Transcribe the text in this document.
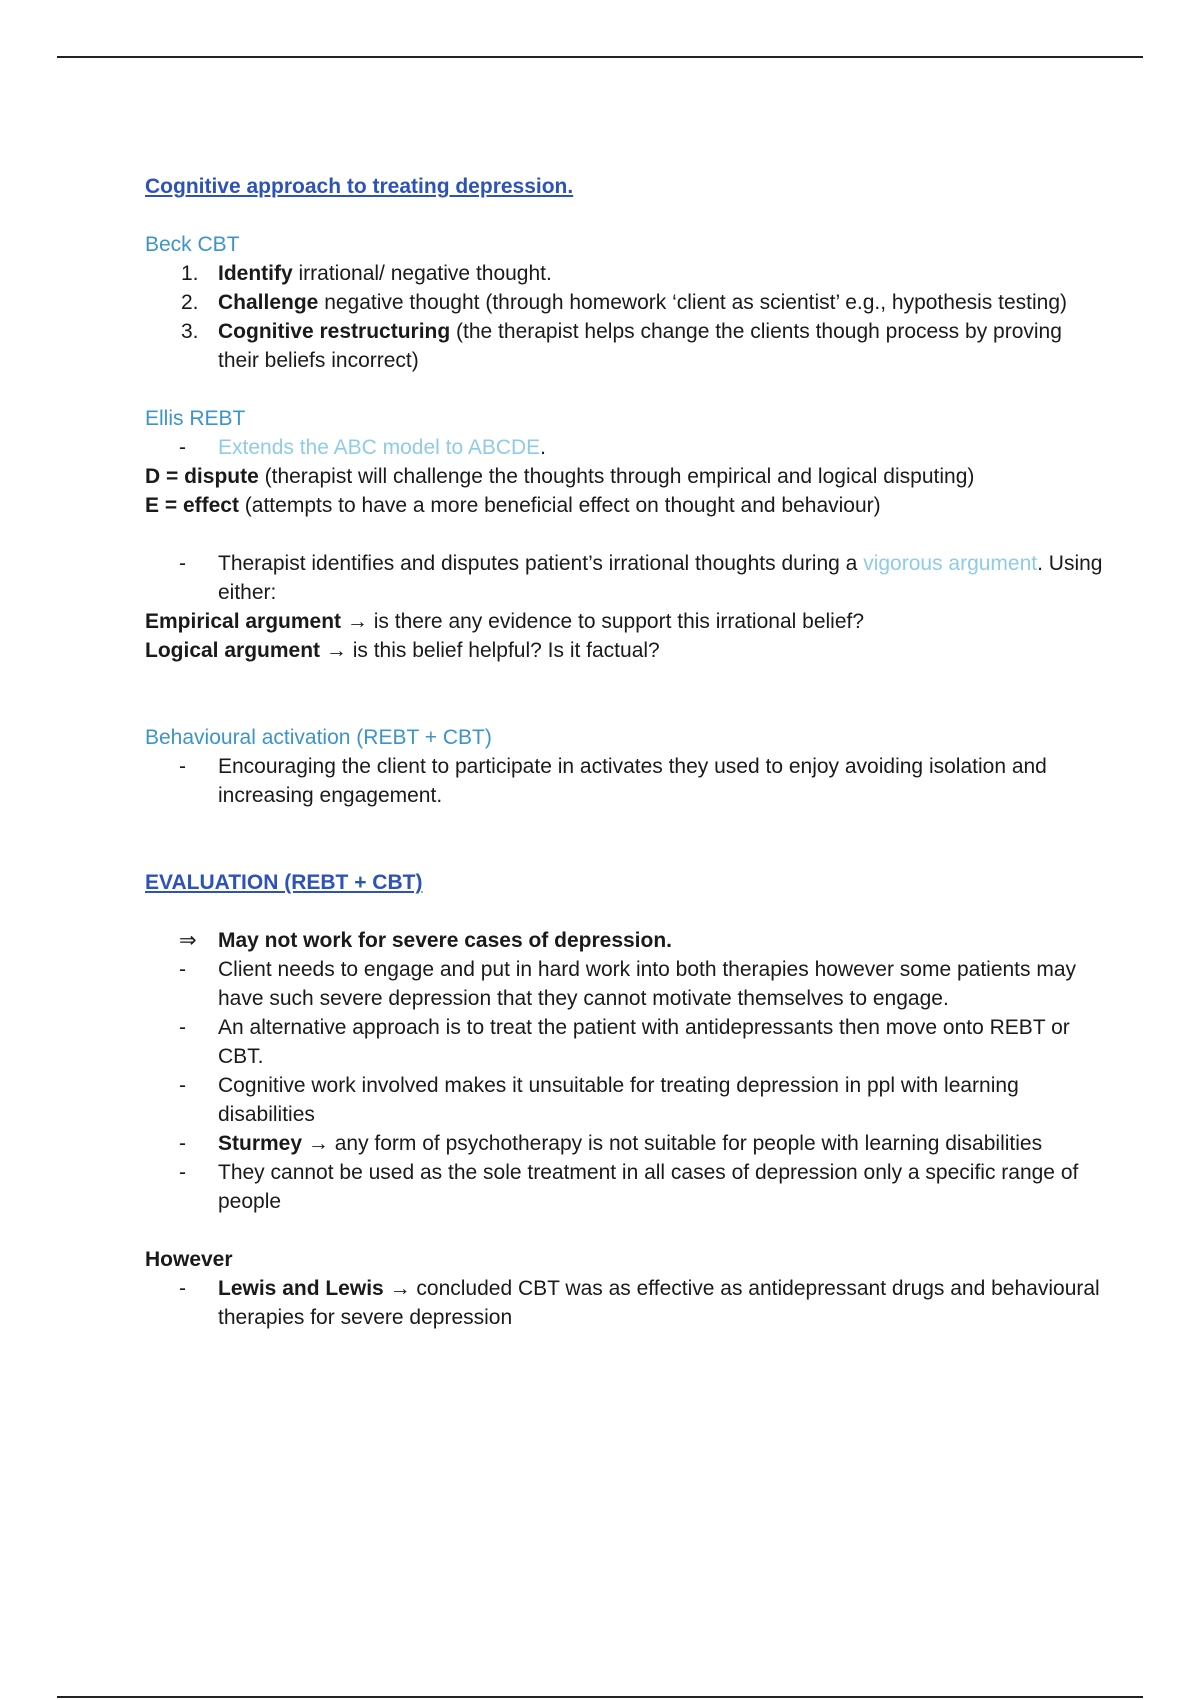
Cognitive approach to treating depression.
Beck CBT
1. Identify irrational/ negative thought.
2. Challenge negative thought (through homework ‘client as scientist’ e.g., hypothesis testing)
3. Cognitive restructuring (the therapist helps change the clients though process by proving their beliefs incorrect)
Ellis REBT
- Extends the ABC model to ABCDE.
D = dispute (therapist will challenge the thoughts through empirical and logical disputing)
E = effect (attempts to have a more beneficial effect on thought and behaviour)
- Therapist identifies and disputes patient’s irrational thoughts during a vigorous argument. Using either:
Empirical argument → is there any evidence to support this irrational belief?
Logical argument → is this belief helpful? Is it factual?
Behavioural activation (REBT + CBT)
- Encouraging the client to participate in activates they used to enjoy avoiding isolation and increasing engagement.
EVALUATION (REBT + CBT)
⇒ May not work for severe cases of depression.
- Client needs to engage and put in hard work into both therapies however some patients may have such severe depression that they cannot motivate themselves to engage.
- An alternative approach is to treat the patient with antidepressants then move onto REBT or CBT.
- Cognitive work involved makes it unsuitable for treating depression in ppl with learning disabilities
- Sturmey → any form of psychotherapy is not suitable for people with learning disabilities
- They cannot be used as the sole treatment in all cases of depression only a specific range of people
However
- Lewis and Lewis → concluded CBT was as effective as antidepressant drugs and behavioural therapies for severe depression
